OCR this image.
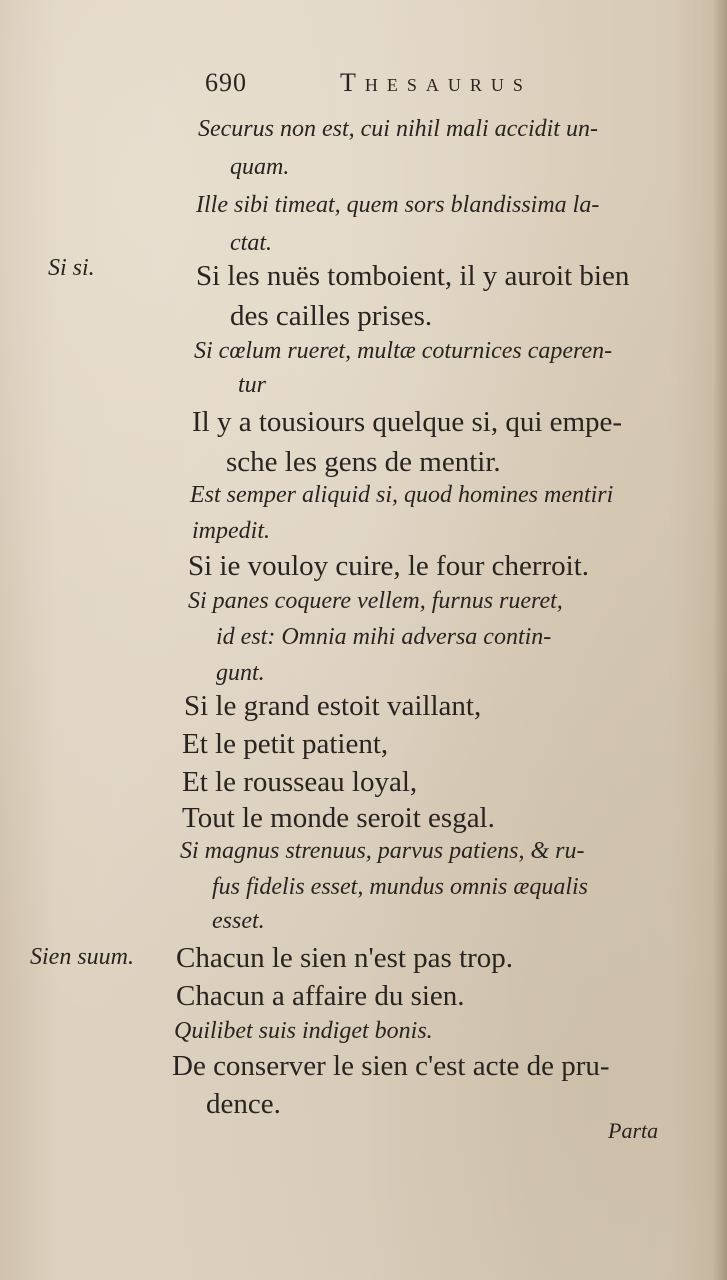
690	Thesaurus
Si si.
Sien suum.
Securus non est, cui nihil mali accidit un-
quam.
Ille sibi timeat, quem sors blandissima la-
ctat.
Si les nuës tomboient, il y auroit bien
des cailles prises.
Si cœlum rueret, multæ coturnices caperen-
tur
Il y a tousiours quelque si, qui empe-
sche les gens de mentir.
Est semper aliquid si, quod homines mentiri
impedit.
Si ie vouloy cuire, le four cherroit.
Si panes coquere vellem, furnus rueret,
id est: Omnia mihi adversa contin-
gunt.
Si le grand estoit vaillant,
Et le petit patient,
Et le rousseau loyal,
Tout le monde seroit esgal.
Si magnus strenuus, parvus patiens, & ru-
fus fidelis esset, mundus omnis æqualis
esset.
Chacun le sien n'est pas trop.
Chacun a affaire du sien.
Quilibet suis indiget bonis.
De conserver le sien c'est acte de pru-
dence.
Parta
